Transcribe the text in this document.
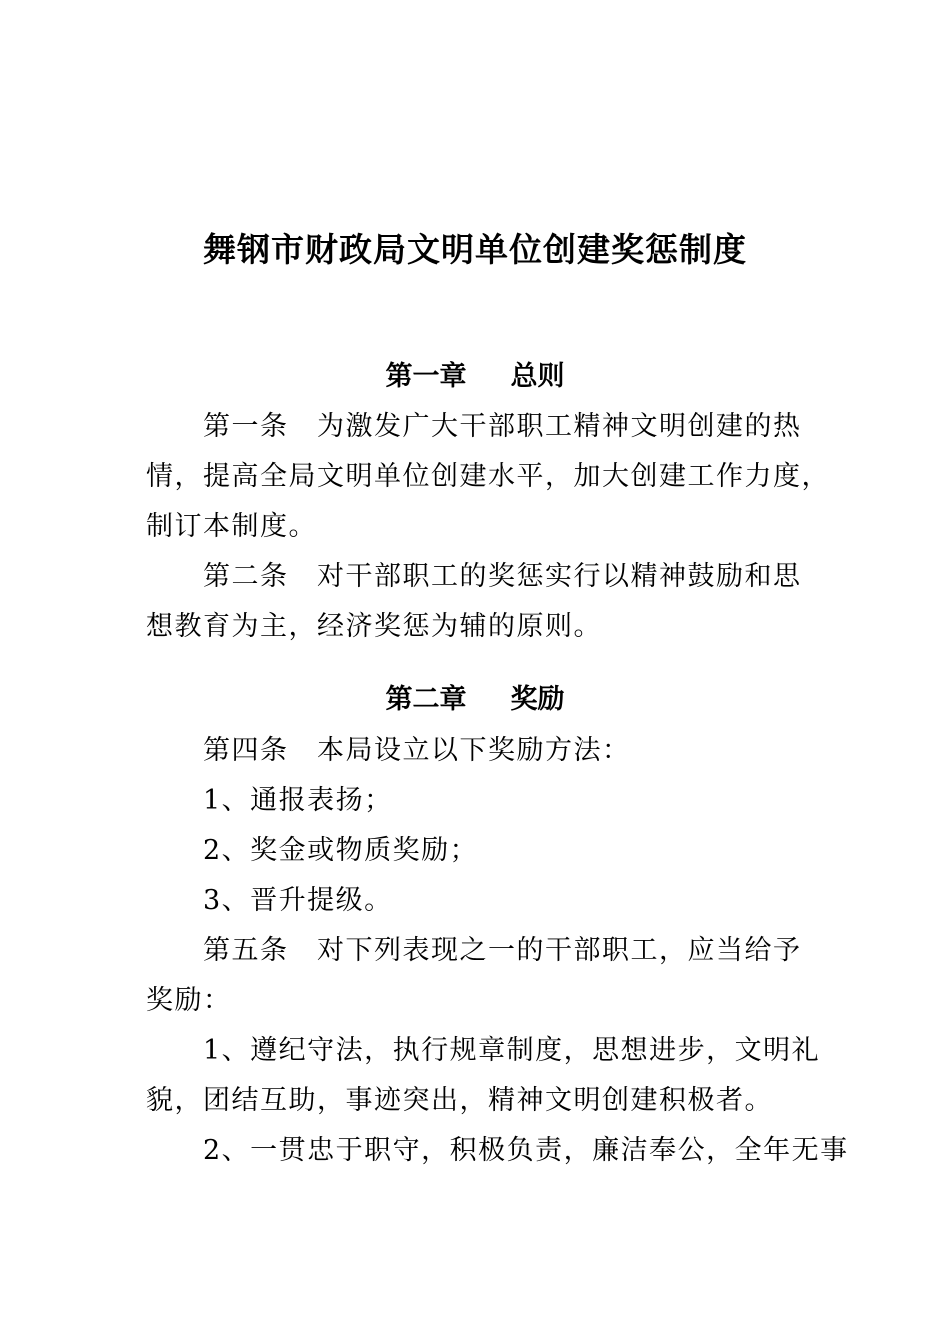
舞钢市财政局文明单位创建奖惩制度
第一章 总则
第一条　为激发广大干部职工精神文明创建的热
情，提高全局文明单位创建水平，加大创建工作力度，
制订本制度。
第二条　对干部职工的奖惩实行以精神鼓励和思
想教育为主，经济奖惩为辅的原则。
第二章 奖励
第四条　本局设立以下奖励方法：
1、通报表扬；
2、奖金或物质奖励；
3、晋升提级。
第五条　对下列表现之一的干部职工，应当给予
奖励：
1、遵纪守法，执行规章制度，思想进步，文明礼
貌，团结互助，事迹突出，精神文明创建积极者。
2、一贯忠于职守，积极负责，廉洁奉公，全年无事
